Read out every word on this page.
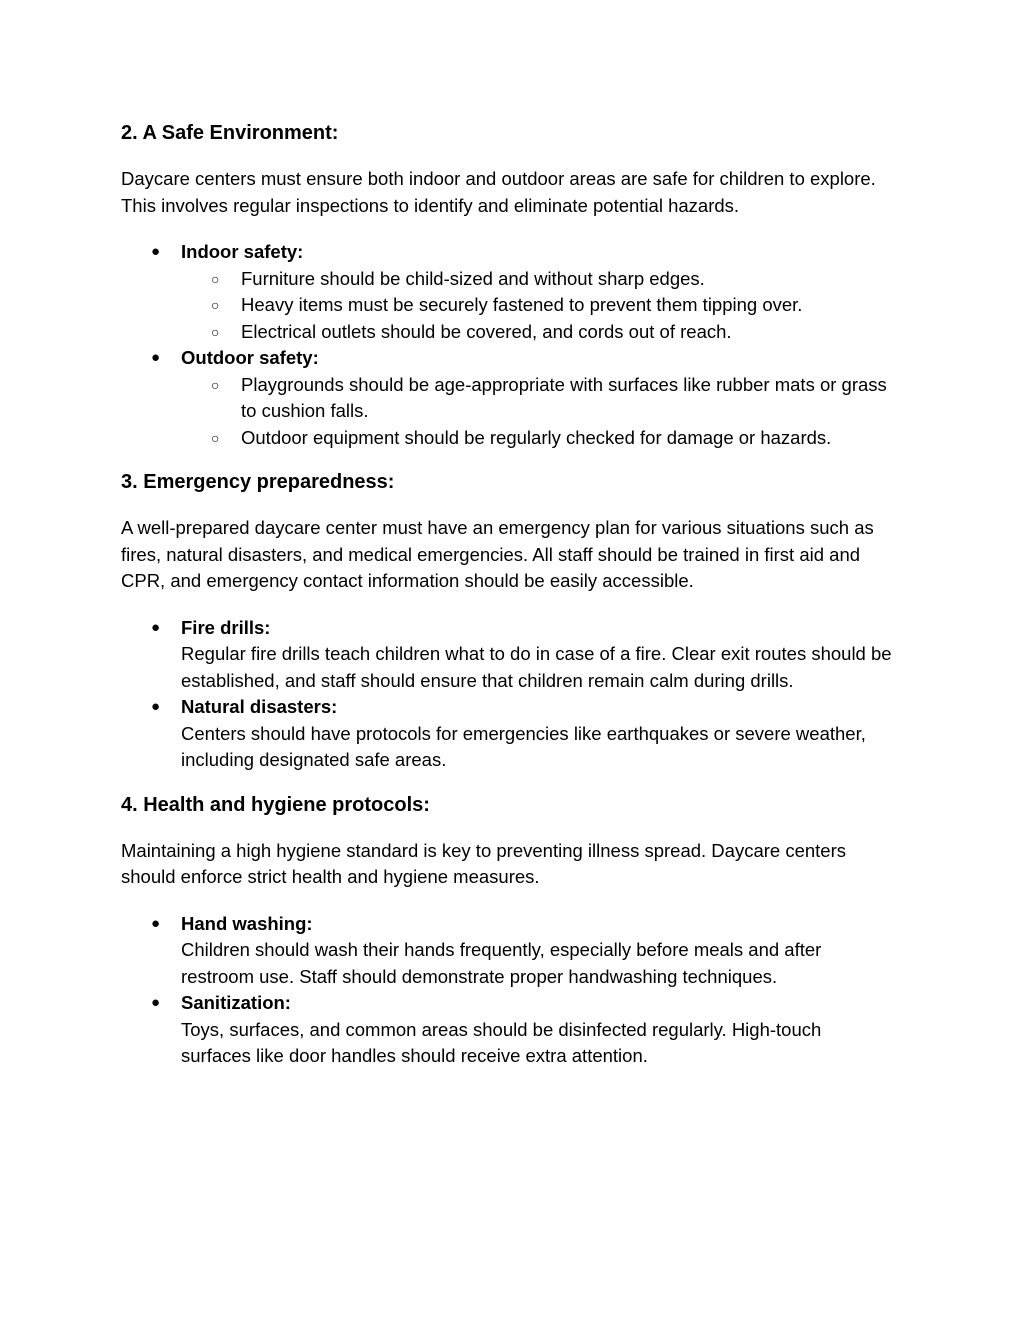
2. A Safe Environment:

Daycare centers must ensure both indoor and outdoor areas are safe for children to explore. This involves regular inspections to identify and eliminate potential hazards.

● Indoor safety:
○ Furniture should be child-sized and without sharp edges.
○ Heavy items must be securely fastened to prevent them tipping over.
○ Electrical outlets should be covered, and cords out of reach.
● Outdoor safety:
○ Playgrounds should be age-appropriate with surfaces like rubber mats or grass to cushion falls.
○ Outdoor equipment should be regularly checked for damage or hazards.
3. Emergency preparedness:

A well-prepared daycare center must have an emergency plan for various situations such as fires, natural disasters, and medical emergencies. All staff should be trained in first aid and CPR, and emergency contact information should be easily accessible.

● Fire drills:
Regular fire drills teach children what to do in case of a fire. Clear exit routes should be established, and staff should ensure that children remain calm during drills.
● Natural disasters:
Centers should have protocols for emergencies like earthquakes or severe weather, including designated safe areas.
4. Health and hygiene protocols:

Maintaining a high hygiene standard is key to preventing illness spread. Daycare centers should enforce strict health and hygiene measures.

● Hand washing:
Children should wash their hands frequently, especially before meals and after restroom use. Staff should demonstrate proper handwashing techniques.
● Sanitization:
Toys, surfaces, and common areas should be disinfected regularly. High-touch surfaces like door handles should receive extra attention.
